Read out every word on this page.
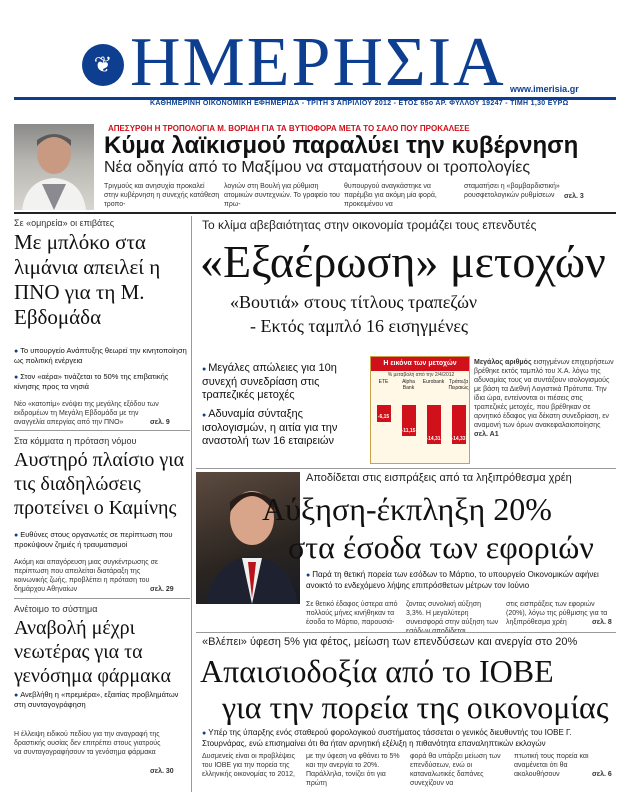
❦ ΗΜΕΡΗΣΙΑ www.imerisia.gr
ΚΑΘΗΜΕΡΙΝΗ ΟΙΚΟΝΟΜΙΚΗ ΕΦΗΜΕΡΙΔΑ - ΤΡΙΤΗ 3 ΑΠΡΙΛΙΟΥ 2012 - ΕΤΟΣ 65ο ΑΡ. ΦΥΛΛΟΥ 19247 - ΤΙΜΗ 1,30 ΕΥΡΩ
ΑΠΕΣΥΡΘΗ Η ΤΡΟΠΟΛΟΓΙΑ Μ. ΒΟΡΙΔΗ ΓΙΑ ΤΑ ΒΥΤΙΟΦΟΡΑ ΜΕΤΑ ΤΟ ΣΑΛΟ ΠΟΥ ΠΡΟΚΑΛΕΣΕ
Κύμα λαϊκισμού παραλύει την κυβέρνηση
Νέα οδηγία από το Μαξίμου να σταματήσουν οι τροπολογίες
Τριγμούς και ανησυχία προκαλεί στην κυβέρνηση η συνεχής κατάθεση τροπο-
λογιών στη Βουλή για ρύθμιση ατομικών συντεχνιών. Το γραφείο του πρω-
θυπουργού αναγκάστηκε να παρέμβει για ακόμη μία φορά, προκειμένου να
σταματήσει η «βομβαρδιστική» ρουσφετολογικών ρυθμίσεων	σελ. 3
Σε «ομηρεία» οι επιβάτες
Με μπλόκο στα λιμάνια απειλεί η ΠΝΟ για τη Μ. Εβδομάδα
● Το υπουργείο Ανάπτυξης θεωρεί την κινητοποίηση ως πολιτική ενέργεια
● Στον «αέρα» τινάζεται το 50% της επιβατικής κίνησης προς τα νησιά
Νέο «κατοπίμ» ενόψει της μεγάλης εξόδου των εκδρομέων τη Μεγάλη Εβδομάδα με την αναγγελία απεργίας από την ΠΝΟ»	σελ. 9
Στα κόμματα η πρόταση νόμου
Αυστηρό πλαίσιο για τις διαδηλώσεις προτείνει ο Καμίνης
● Ευθύνες στους οργανωτές σε περίπτωση που προκύψουν ζημιές ή τραυματισμοί
Ακόμη και απαγόρευση μιας συγκέντρωσης σε περίπτωση που απειλείται διατάραξη της κοινωνικής ζωής, προβλέπει η πρόταση του δημάρχου Αθηναίων	σελ. 29
Ανέτοιμο το σύστημα
Αναβολή μέχρι νεωτέρας για τα γενόσημα φάρμακα
● Ανεβλήθη η «πρεμιέρα», εξαιτίας προβλημάτων στη συνταγογράφηση
Η έλλειψη ειδικού πεδίου για την αναγραφή της δραστικής ουσίας δεν επιτρέπει στους γιατρούς να συνταγογραφήσουν τα γενόσημα φάρμακα
σελ. 30
Το κλίμα αβεβαιότητας στην οικονομία τρομάζει τους επενδυτές
«Εξαέρωση» μετοχών
«Βουτιά» στους τίτλους τραπεζών
- Εκτός ταμπλό 16 εισηγμένες
● Μεγάλες απώλειες για 10η συνεχή συνεδρίαση στις τραπεζικές μετοχές
● Αδυναμία σύνταξης ισολογισμών, η αιτία για την αναστολή των 16 εταιρειών
Η εικόνα των μετοχών
% μεταβολή από την 2/4/2012
ΕΤΕ
-6,15
Alpha Bank
-11,15
Eurobank
-14,31
Τράπεζα Πειραιώς
-14,33
Μεγάλος αριθμός εισηγμένων επιχειρήσεων βρέθηκε εκτός ταμπλό του Χ.Α. λόγω της αδυναμίας τους να συντάξουν ισολογισμούς με βάση τα Διεθνή Λογιστικά Πρότυπα. Την ίδια ώρα, εντείνονται οι πιέσεις στις τραπεζικές μετοχές, που βρέθηκαν σε αρνητικό έδαφος για δέκατη συνεδρίαση, εν αναμονή των όρων ανακεφαλαιοποίησης σελ. Α1
Αποδίδεται στις εισπράξεις από τα ληξιπρόθεσμα χρέη
Αύξηση-έκπληξη 20%
στα έσοδα των εφοριών
● Παρά τη θετική πορεία των εσόδων το Μάρτιο, το υπουργείο Οικονομικών αφήνει ανοικτό το ενδεχόμενο λήψης επιπρόσθετων μέτρων τον Ιούνιο
Σε θετικό έδαφος ύστερα από πολλούς μήνες κινήθηκαν τα έσοδα το Μάρτιο, παρουσιά-
ζοντας συνολική αύξηση 3,3%. Η μεγαλύτερη συνεισφορά στην αύξηση των
στις εισπράξεις των εφοριών (20%), λόγω της ρύθμισης για τα ληξιπρόθεσμα χρέη	σελ. 8
«Βλέπει» ύφεση 5% για φέτος, μείωση των επενδύσεων και ανεργία στο 20%
Απαισιοδοξία από το ΙΟΒΕ
για την πορεία της οικονομίας
● Υπέρ της ύπαρξης ενός σταθερού φορολογικού συστήματος τάσσεται ο γενικός διευθυντής του ΙΟΒΕ Γ. Στουρνάρας, ενώ επισημαίνει ότι θα ήταν αρνητική εξέλιξη η πιθανότητα επαναληπτικών εκλογών
Δυσμενείς είναι οι προβλέψεις του ΙΟΒΕ για την πορεία της ελληνικής οικονομίας το 2012,
με την ύφεση να φθάνει το 5% και την ανεργία το 20%. Παράλληλα, τονίζει ότι για πρώτη
φορά θα υπάρξει μείωση των επενδύσεων, ενώ οι καταναλωτικές δαπάνες συνεχίζουν να
πτωτική τους πορεία και αναμένεται ότι θα ακολουθήσουν	σελ. 6
